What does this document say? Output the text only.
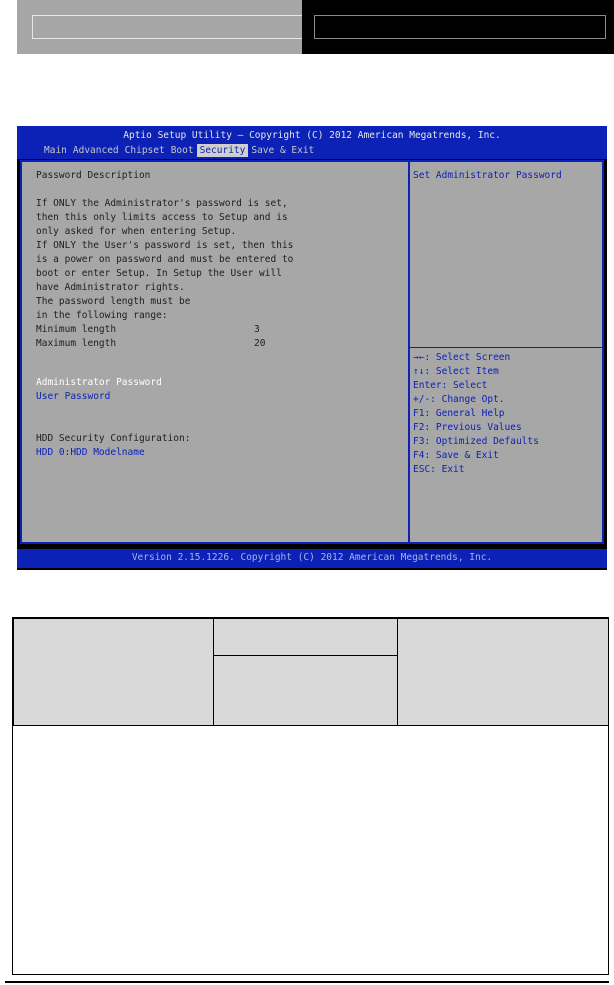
Aptio Setup Utility – Copyright (C) 2012 American Megatrends, Inc.
Main Advanced Chipset Boot Security Save & Exit
Password Description
If ONLY the Administrator's password is set,
then this only limits access to Setup and is
only asked for when entering Setup.
If ONLY the User's password is set, then this
is a power on password and must be entered to
boot or enter Setup. In Setup the User will
have Administrator rights.
The password length must be
in the following range:
Minimum length	3
Maximum length	20
Administrator Password
User Password
HDD Security Configuration:
HDD 0:HDD Modelname
Set Administrator Password
→←: Select Screen
↑↓: Select Item
Enter: Select
+/-: Change Opt.
F1: General Help
F2: Previous Values
F3: Optimized Defaults
F4: Save & Exit
ESC: Exit
Version 2.15.1226. Copyright (C) 2012 American Megatrends, Inc.
